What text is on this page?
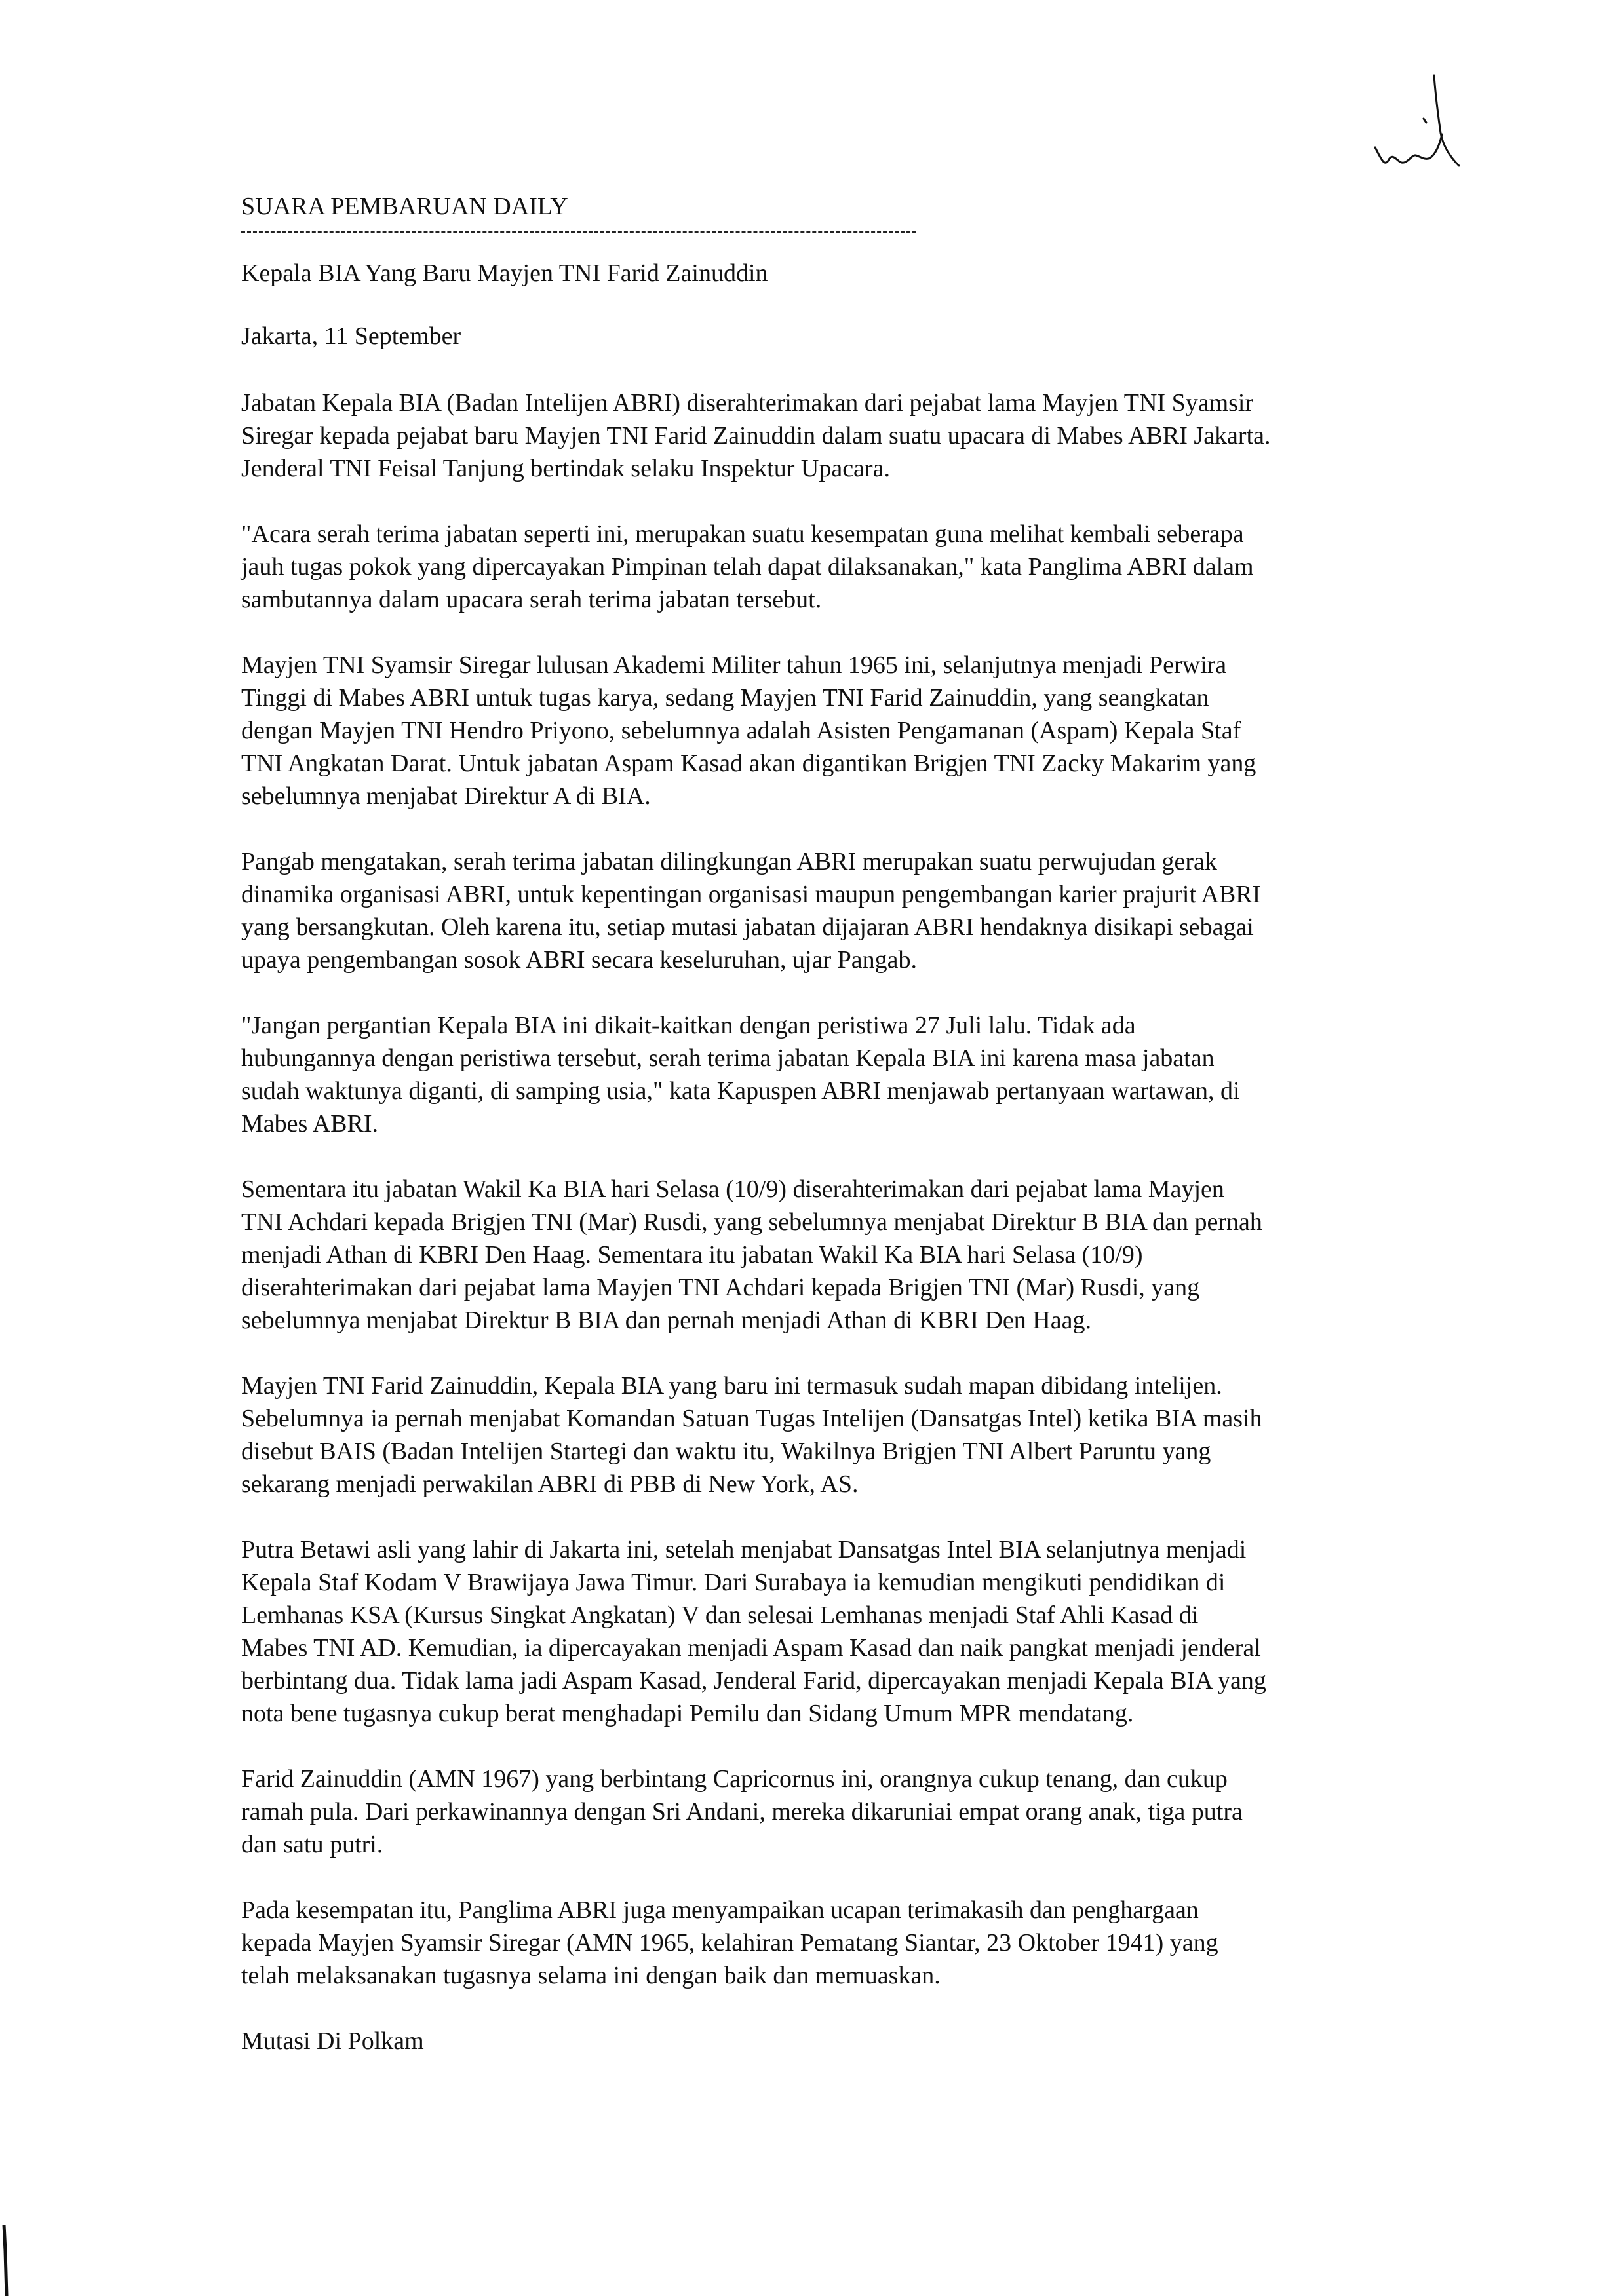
SUARA PEMBARUAN DAILY
Kepala BIA Yang Baru Mayjen TNI Farid Zainuddin
Jakarta, 11 September
Jabatan Kepala BIA (Badan Intelijen ABRI) diserahterimakan dari pejabat lama Mayjen TNI Syamsir
Siregar kepada pejabat baru Mayjen TNI Farid Zainuddin dalam suatu upacara di Mabes ABRI Jakarta.
Jenderal TNI Feisal Tanjung bertindak selaku Inspektur Upacara.
"Acara serah terima jabatan seperti ini, merupakan suatu kesempatan guna melihat kembali seberapa
jauh tugas pokok yang dipercayakan Pimpinan telah dapat dilaksanakan," kata Panglima ABRI dalam
sambutannya dalam upacara serah terima jabatan tersebut.
Mayjen TNI Syamsir Siregar lulusan Akademi Militer tahun 1965 ini, selanjutnya menjadi Perwira
Tinggi di Mabes ABRI untuk tugas karya, sedang Mayjen TNI Farid Zainuddin, yang seangkatan
dengan Mayjen TNI Hendro Priyono, sebelumnya adalah Asisten Pengamanan (Aspam) Kepala Staf
TNI Angkatan Darat. Untuk jabatan Aspam Kasad akan digantikan Brigjen TNI Zacky Makarim yang
sebelumnya menjabat Direktur A di BIA.
Pangab mengatakan, serah terima jabatan dilingkungan ABRI merupakan suatu perwujudan gerak
dinamika organisasi ABRI, untuk kepentingan organisasi maupun pengembangan karier prajurit ABRI
yang bersangkutan. Oleh karena itu, setiap mutasi jabatan dijajaran ABRI hendaknya disikapi sebagai
upaya pengembangan sosok ABRI secara keseluruhan, ujar Pangab.
"Jangan pergantian Kepala BIA ini dikait-kaitkan dengan peristiwa 27 Juli lalu. Tidak ada
hubungannya dengan peristiwa tersebut, serah terima jabatan Kepala BIA ini karena masa jabatan
sudah waktunya diganti, di samping usia," kata Kapuspen ABRI menjawab pertanyaan wartawan, di
Mabes ABRI.
Sementara itu jabatan Wakil Ka BIA hari Selasa (10/9) diserahterimakan dari pejabat lama Mayjen
TNI Achdari kepada Brigjen TNI (Mar) Rusdi, yang sebelumnya menjabat Direktur B BIA dan pernah
menjadi Athan di KBRI Den Haag. Sementara itu jabatan Wakil Ka BIA hari Selasa (10/9)
diserahterimakan dari pejabat lama Mayjen TNI Achdari kepada Brigjen TNI (Mar) Rusdi, yang
sebelumnya menjabat Direktur B BIA dan pernah menjadi Athan di KBRI Den Haag.
Mayjen TNI Farid Zainuddin, Kepala BIA yang baru ini termasuk sudah mapan dibidang intelijen.
Sebelumnya ia pernah menjabat Komandan Satuan Tugas Intelijen (Dansatgas Intel) ketika BIA masih
disebut BAIS (Badan Intelijen Startegi dan waktu itu, Wakilnya Brigjen TNI Albert Paruntu yang
sekarang menjadi perwakilan ABRI di PBB di New York, AS.
Putra Betawi asli yang lahir di Jakarta ini, setelah menjabat Dansatgas Intel BIA selanjutnya menjadi
Kepala Staf Kodam V Brawijaya Jawa Timur. Dari Surabaya ia kemudian mengikuti pendidikan di
Lemhanas KSA (Kursus Singkat Angkatan) V dan selesai Lemhanas menjadi Staf Ahli Kasad di
Mabes TNI AD. Kemudian, ia dipercayakan menjadi Aspam Kasad dan naik pangkat menjadi jenderal
berbintang dua. Tidak lama jadi Aspam Kasad, Jenderal Farid, dipercayakan menjadi Kepala BIA yang
nota bene tugasnya cukup berat menghadapi Pemilu dan Sidang Umum MPR mendatang.
Farid Zainuddin (AMN 1967) yang berbintang Capricornus ini, orangnya cukup tenang, dan cukup
ramah pula. Dari perkawinannya dengan Sri Andani, mereka dikaruniai empat orang anak, tiga putra
dan satu putri.
Pada kesempatan itu, Panglima ABRI juga menyampaikan ucapan terimakasih dan penghargaan
kepada Mayjen Syamsir Siregar (AMN 1965, kelahiran Pematang Siantar, 23 Oktober 1941) yang
telah melaksanakan tugasnya selama ini dengan baik dan memuaskan.
Mutasi Di Polkam
